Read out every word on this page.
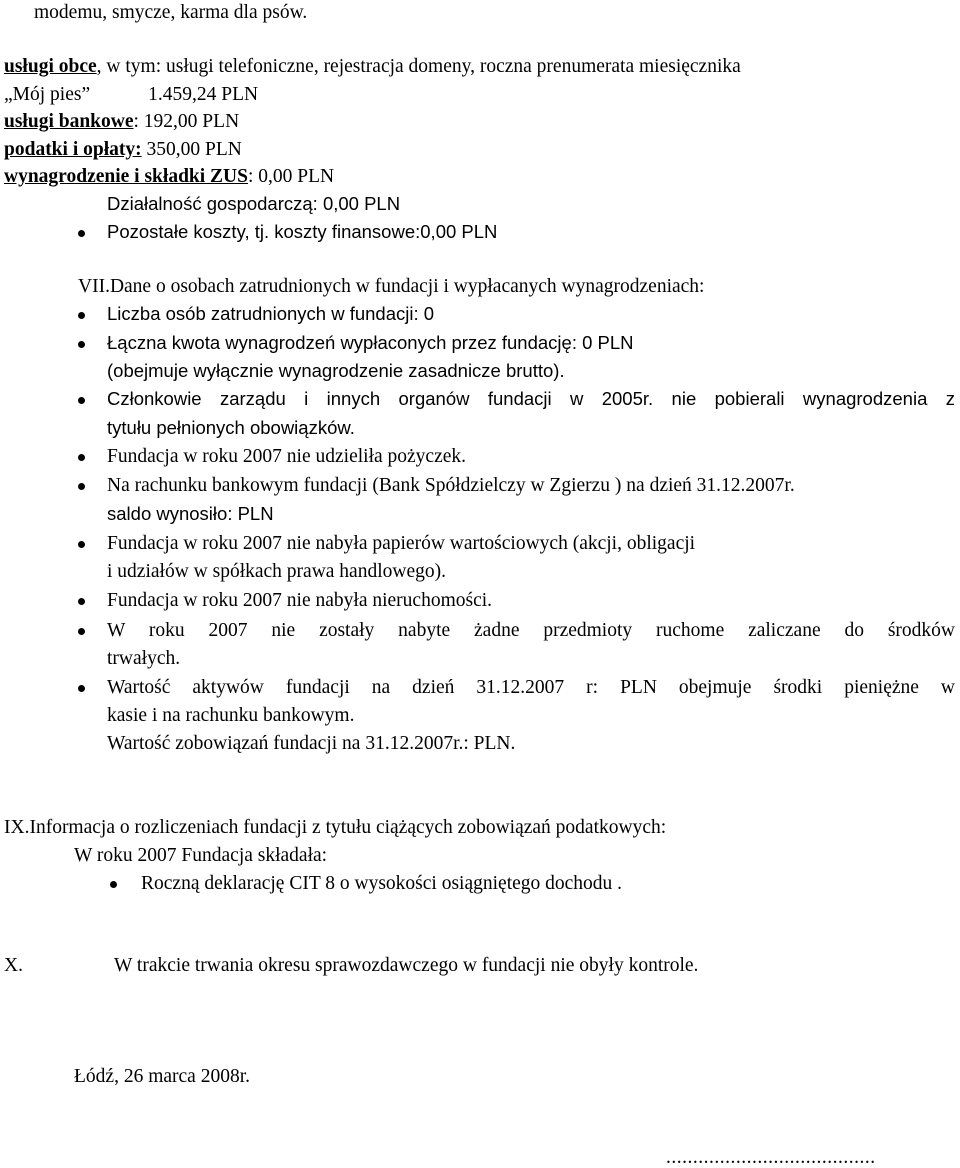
modemu, smycze, karma dla psów.
usługi obce, w tym: usługi telefoniczne, rejestracja domeny, roczna prenumerata miesięcznika
„Mój pies”	1.459,24 PLN
usługi bankowe: 192,00 PLN
podatki i opłaty: 350,00 PLN
wynagrodzenie i składki ZUS: 0,00 PLN
Działalność gospodarczą: 0,00 PLN
Pozostałe koszty, tj. koszty finansowe:0,00 PLN
VII.Dane o osobach zatrudnionych w fundacji i wypłacanych wynagrodzeniach:
Liczba osób zatrudnionych w fundacji: 0
Łączna kwota wynagrodzeń wypłaconych przez fundację: 0 PLN
(obejmuje wyłącznie wynagrodzenie zasadnicze brutto).
Członkowie zarządu i innych organów fundacji w 2005r. nie pobierali wynagrodzenia z
tytułu pełnionych obowiązków.
Fundacja w roku 2007 nie udzieliła pożyczek.
Na rachunku bankowym fundacji (Bank Spółdzielczy w Zgierzu ) na dzień 31.12.2007r.
saldo wynosiło: PLN
Fundacja w roku 2007 nie nabyła papierów wartościowych (akcji, obligacji
i udziałów w spółkach prawa handlowego).
Fundacja w roku 2007 nie nabyła nieruchomości.
W roku 2007 nie zostały nabyte żadne przedmioty ruchome zaliczane do środków
trwałych.
Wartość aktywów fundacji na dzień 31.12.2007 r: PLN obejmuje środki pieniężne w
kasie i na rachunku bankowym.
Wartość zobowiązań fundacji na 31.12.2007r.: PLN.
IX.Informacja o rozliczeniach fundacji z tytułu ciążących zobowiązań podatkowych:
W roku 2007 Fundacja składała:
Roczną deklarację CIT 8 o wysokości osiągniętego dochodu .
X.	W trakcie trwania okresu sprawozdawczego w fundacji nie obyły kontrole.
Łódź, 26 marca 2008r.
.......................................
